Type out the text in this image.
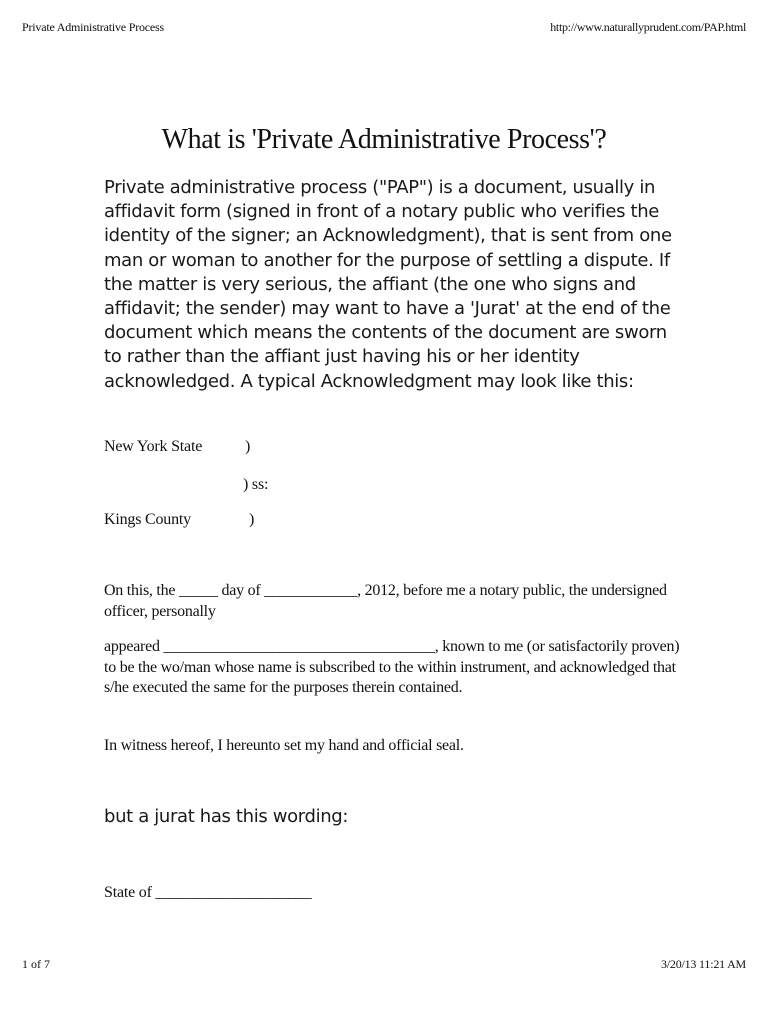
Private Administrative Process	http://www.naturallyprudent.com/PAP.html
What is 'Private Administrative Process'?
Private administrative process ("PAP") is a document, usually in affidavit form (signed in front of a notary public who verifies the identity of the signer; an Acknowledgment), that is sent from one man or woman to another for the purpose of settling a dispute. If the matter is very serious, the affiant (the one who signs and affidavit; the sender) may want to have a 'Jurat' at the end of the document which means the contents of the document are sworn to rather than the affiant just having his or her identity acknowledged. A typical Acknowledgment may look like this:
New York State	)
) ss:
Kings County	)
On this, the _____ day of ____________, 2012, before me a notary public, the undersigned officer, personally
appeared ___________________________________, known to me (or satisfactorily proven) to be the wo/man whose name is subscribed to the within instrument, and acknowledged that s/he executed the same for the purposes therein contained.
In witness hereof, I hereunto set my hand and official seal.
but a jurat has this wording:
State of ____________________
1 of 7	3/20/13 11:21 AM
